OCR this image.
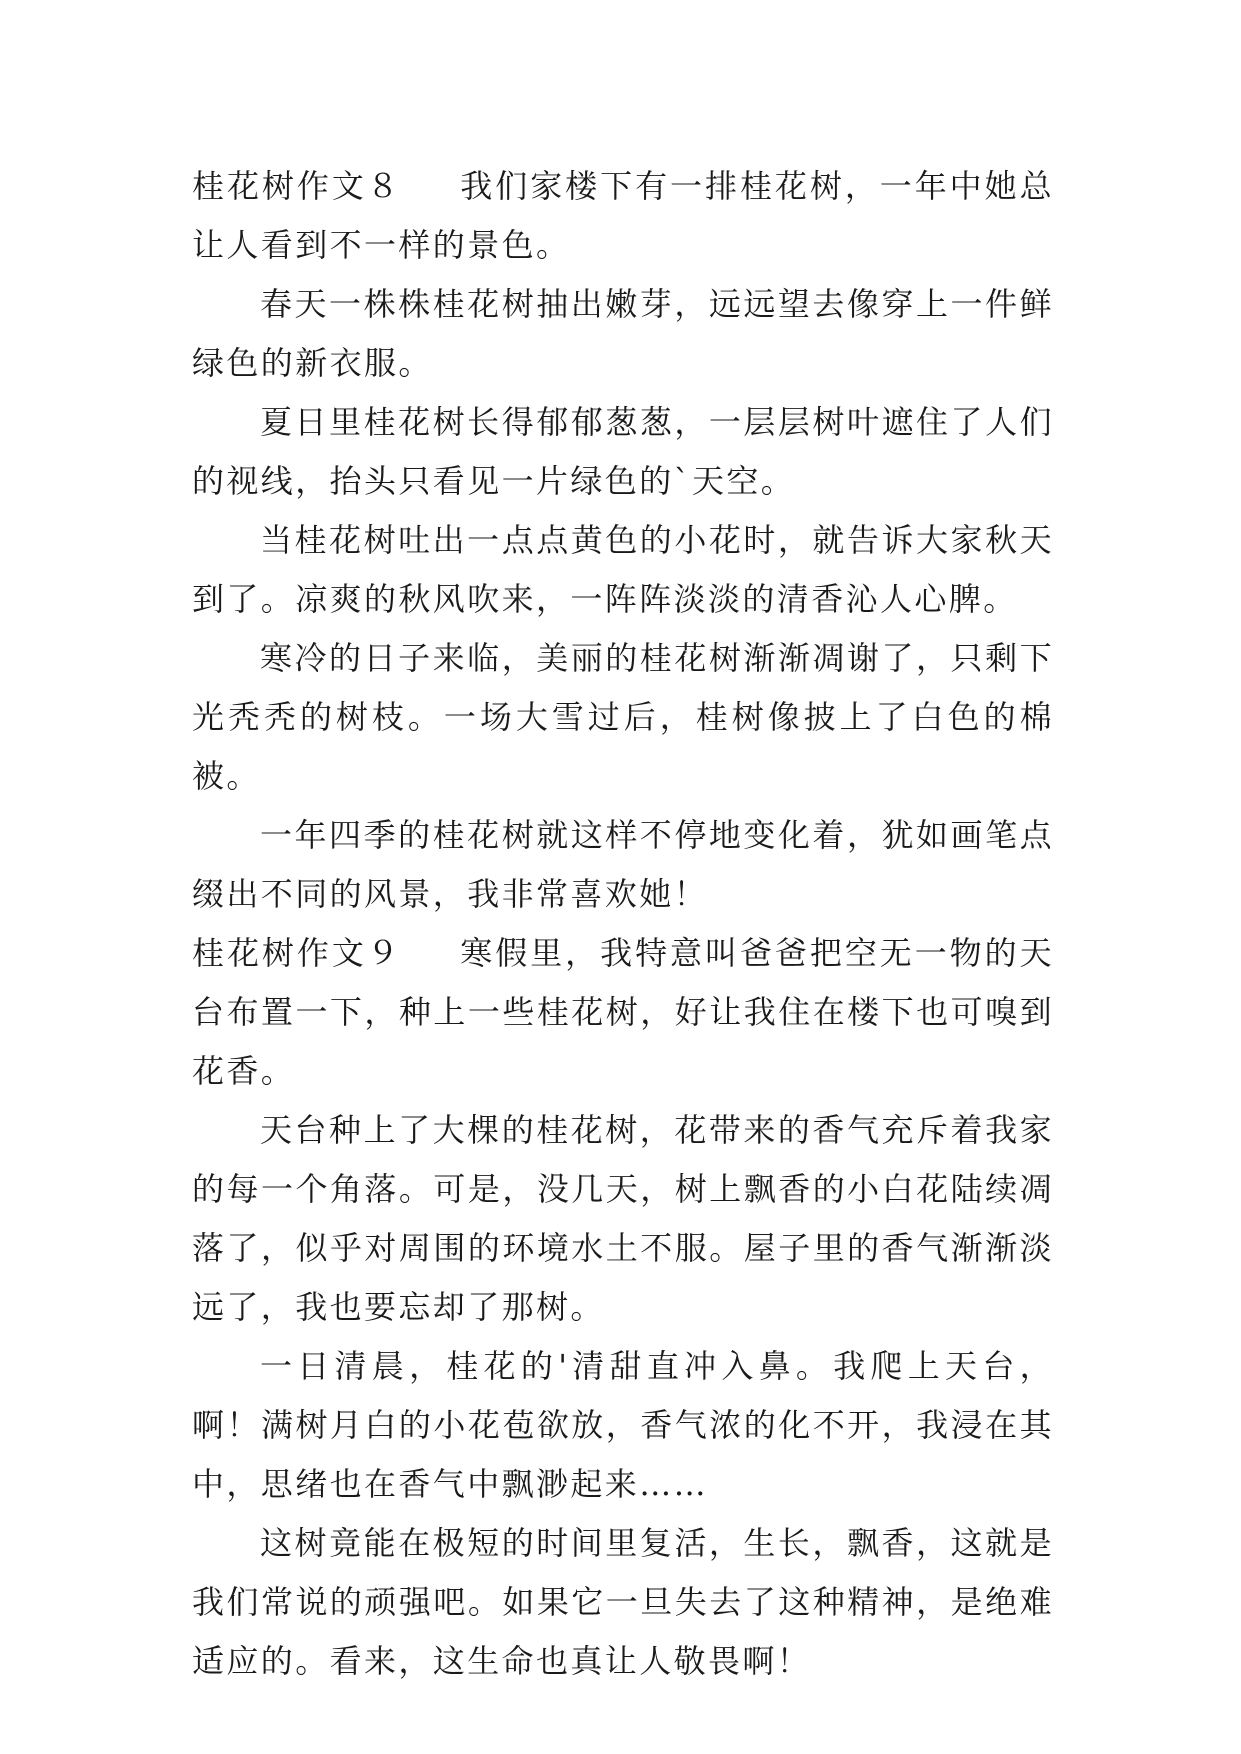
桂花树作文８ 我们家楼下有一排桂花树，一年中她总让人看到不一样的景色。

春天一株株桂花树抽出嫩芽，远远望去像穿上一件鲜绿色的新衣服。

夏日里桂花树长得郁郁葱葱，一层层树叶遮住了人们的视线，抬头只看见一片绿色的`天空。

当桂花树吐出一点点黄色的小花时，就告诉大家秋天到了。凉爽的秋风吹来，一阵阵淡淡的清香沁人心脾。

寒冷的日子来临，美丽的桂花树渐渐凋谢了，只剩下光秃秃的树枝。一场大雪过后，桂树像披上了白色的棉被。

一年四季的桂花树就这样不停地变化着，犹如画笔点缀出不同的风景，我非常喜欢她！

桂花树作文９ 寒假里，我特意叫爸爸把空无一物的天台布置一下，种上一些桂花树，好让我住在楼下也可嗅到花香。

天台种上了大棵的桂花树，花带来的香气充斥着我家的每一个角落。可是，没几天，树上飘香的小白花陆续凋落了，似乎对周围的环境水土不服。屋子里的香气渐渐淡远了，我也要忘却了那树。

一日清晨，桂花的'清甜直冲入鼻。我爬上天台，啊！满树月白的小花苞欲放，香气浓的化不开，我浸在其中，思绪也在香气中飘渺起来……

这树竟能在极短的时间里复活，生长，飘香，这就是我们常说的顽强吧。如果它一旦失去了这种精神，是绝难适应的。看来，这生命也真让人敬畏啊！
